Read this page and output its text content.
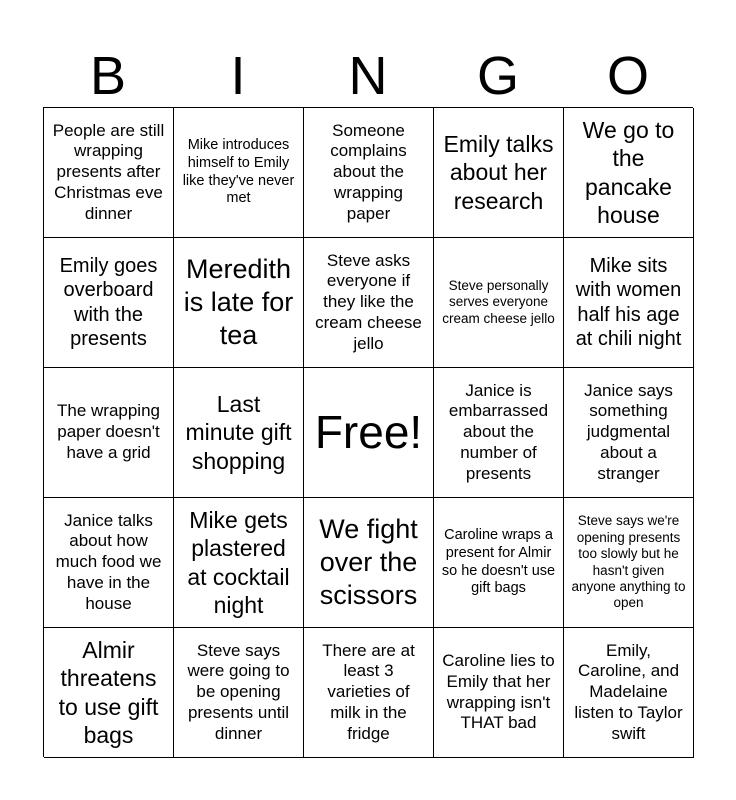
B	I	N	G	O
People are still wrapping presents after Christmas eve dinner
Mike introduces himself to Emily like they've never met
Someone complains about the wrapping paper
Emily talks about her research
We go to the pancake house
Emily goes overboard with the presents
Meredith is late for tea
Steve asks everyone if they like the cream cheese jello
Steve personally serves everyone cream cheese jello
Mike sits with women half his age at chili night
The wrapping paper doesn't have a grid
Last minute gift shopping
Free!
Janice is embarrassed about the number of presents
Janice says something judgmental about a stranger
Janice talks about how much food we have in the house
Mike gets plastered at cocktail night
We fight over the scissors
Caroline wraps a present for Almir so he doesn't use gift bags
Steve says we're opening presents too slowly but he hasn't given anyone anything to open
Almir threatens to use gift bags
Steve says were going to be opening presents until dinner
There are at least 3 varieties of milk in the fridge
Caroline lies to Emily that her wrapping isn't THAT bad
Emily, Caroline, and Madelaine listen to Taylor swift
